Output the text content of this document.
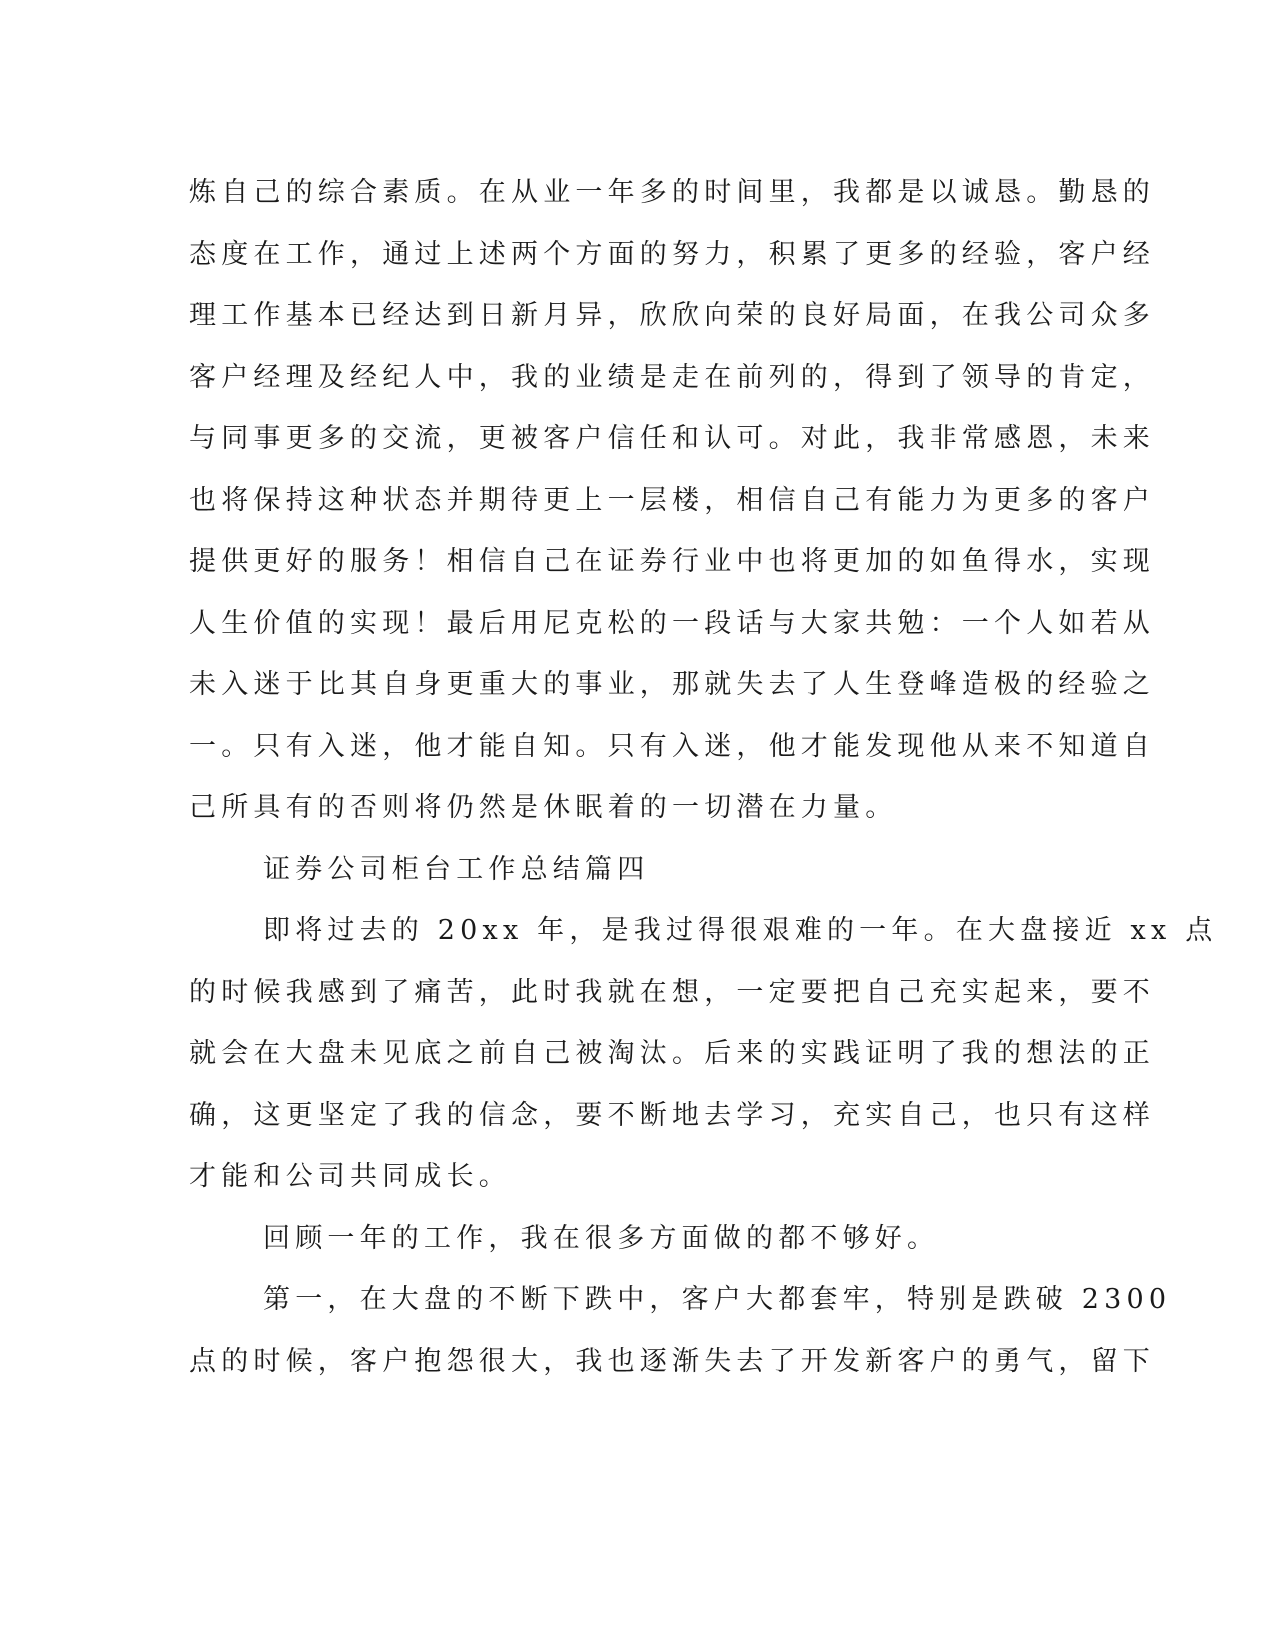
炼自己的综合素质。在从业一年多的时间里，我都是以诚恳。勤恳的
态度在工作，通过上述两个方面的努力，积累了更多的经验，客户经
理工作基本已经达到日新月异，欣欣向荣的良好局面，在我公司众多
客户经理及经纪人中，我的业绩是走在前列的，得到了领导的肯定，
与同事更多的交流，更被客户信任和认可。对此，我非常感恩，未来
也将保持这种状态并期待更上一层楼，相信自己有能力为更多的客户
提供更好的服务！相信自己在证券行业中也将更加的如鱼得水，实现
人生价值的实现！最后用尼克松的一段话与大家共勉：一个人如若从
未入迷于比其自身更重大的事业，那就失去了人生登峰造极的经验之
一。只有入迷，他才能自知。只有入迷，他才能发现他从来不知道自
己所具有的否则将仍然是休眠着的一切潜在力量。
证券公司柜台工作总结篇四
即将过去的 20xx 年，是我过得很艰难的一年。在大盘接近 xx 点
的时候我感到了痛苦，此时我就在想，一定要把自己充实起来，要不
就会在大盘未见底之前自己被淘汰。后来的实践证明了我的想法的正
确，这更坚定了我的信念，要不断地去学习，充实自己，也只有这样
才能和公司共同成长。
回顾一年的工作，我在很多方面做的都不够好。
第一，在大盘的不断下跌中，客户大都套牢，特别是跌破 2300
点的时候，客户抱怨很大，我也逐渐失去了开发新客户的勇气，留下
